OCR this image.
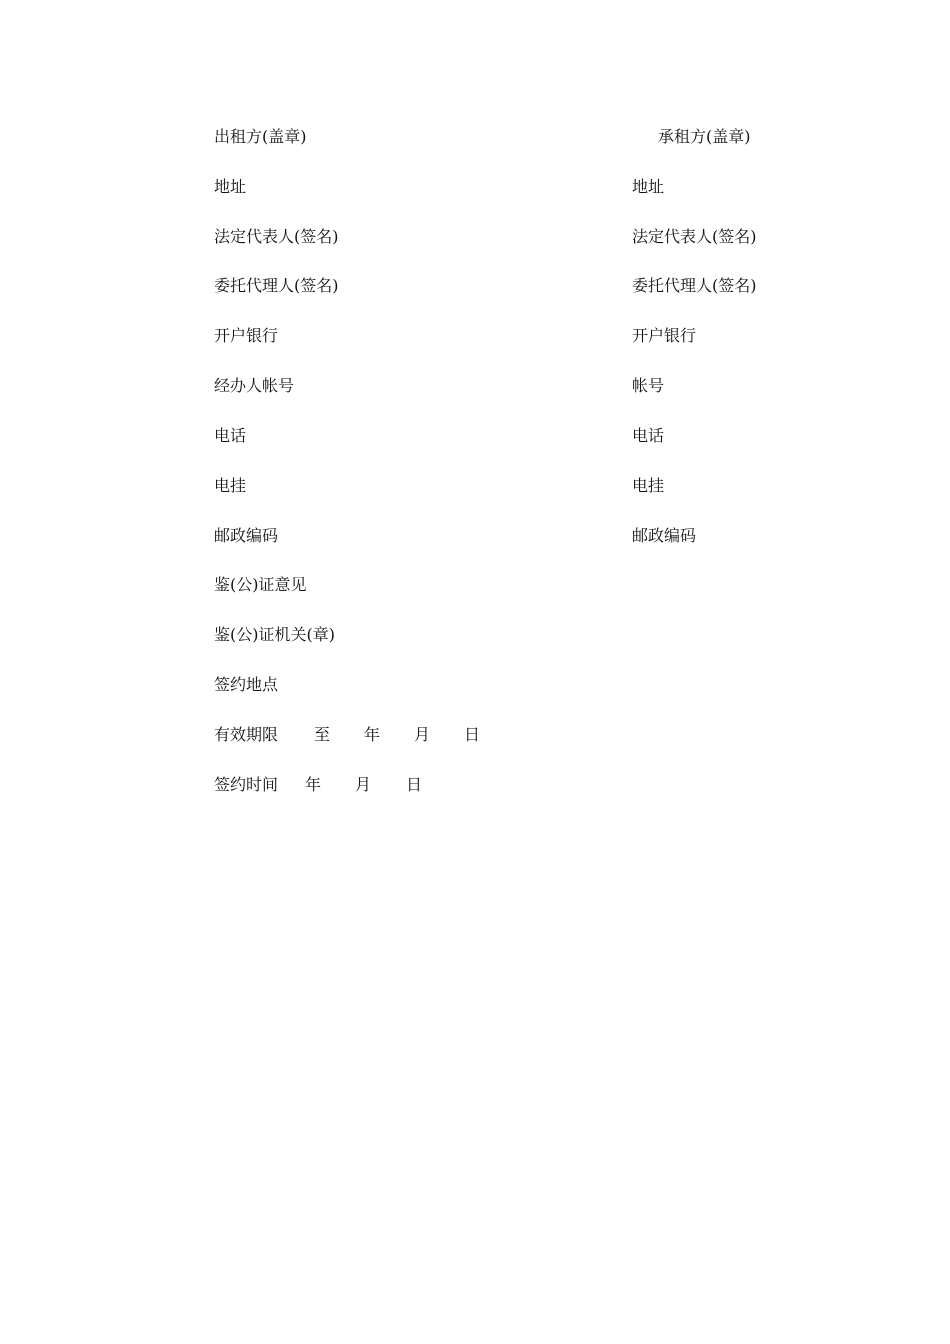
出租方(盖章)
地址
法定代表人(签名)
委托代理人(签名)
开户银行
经办人帐号
电话
电挂
邮政编码
承租方(盖章)
地址
法定代表人(签名)
委托代理人(签名)
开户银行
帐号
电话
电挂
邮政编码
鉴(公)证意见
鉴(公)证机关(章)
签约地点
有效期限 至 年 月 日
签约时间 年 月 日
